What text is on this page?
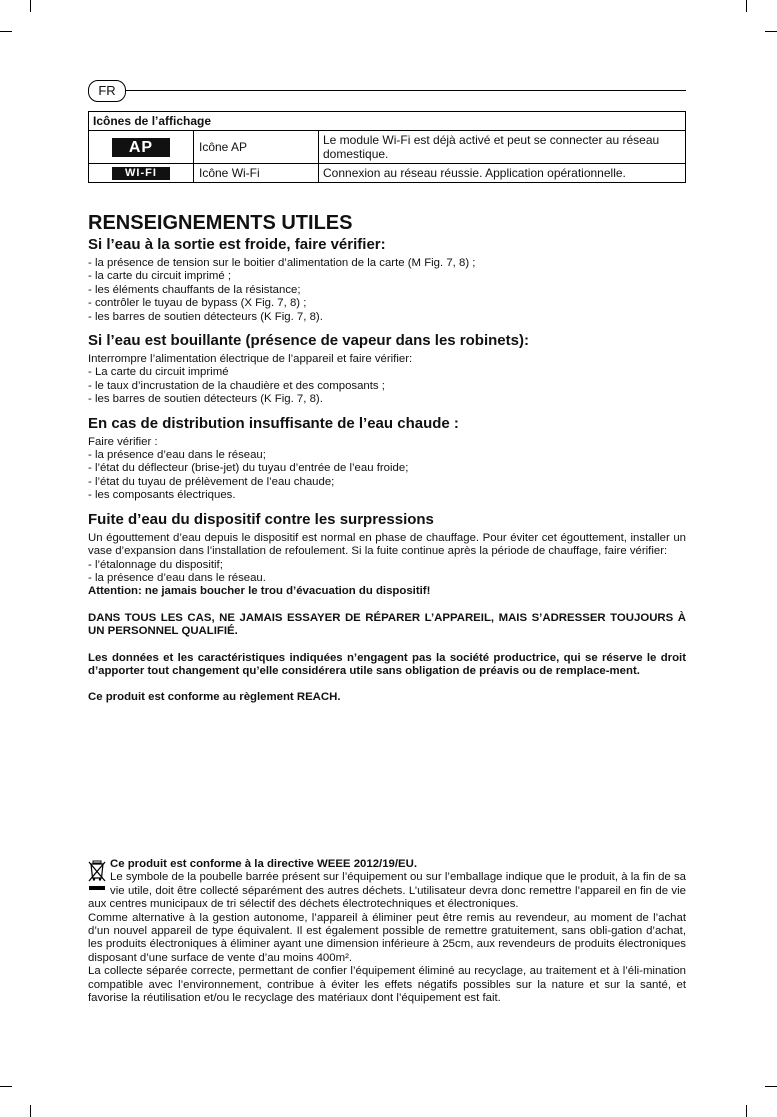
FR
Icônes de l’affichage		
AP	Icône AP	Le module Wi-Fi est déjà activé et peut se connecter au réseau domestique.
WI-FI	Icône Wi-Fi	Connexion au réseau réussie. Application opérationnelle.
RENSEIGNEMENTS UTILES
Si l’eau à la sortie est froide, faire vérifier:
- la présence de tension sur le boitier d’alimentation de la carte (M Fig. 7, 8) ;
- la carte du circuit imprimé ;
- les éléments chauffants de la résistance;
- contrôler le tuyau de bypass (X Fig. 7, 8) ;
- les barres de soutien détecteurs (K Fig. 7, 8).
Si l’eau est bouillante (présence de vapeur dans les robinets):

Interrompre l’alimentation électrique de l’appareil et faire vérifier:

- La carte du circuit imprimé
- le taux d’incrustation de la chaudière et des composants ;
- les barres de soutien détecteurs (K Fig. 7, 8).
En cas de distribution insuffisante de l’eau chaude :

Faire vérifier :

- la présence d’eau dans le réseau;
- l’état du déflecteur (brise-jet) du tuyau d’entrée de l’eau froide;
- l’état du tuyau de prélèvement de l’eau chaude;
- les composants électriques.
Fuite d’eau du dispositif contre les surpressions

Un égouttement d’eau depuis le dispositif est normal en phase de chauffage. Pour éviter cet égouttement, installer un vase d’expansion dans l’installation de refoulement. Si la fuite continue après la période de chauffage, faire vérifier:

- l’étalonnage du dispositif;
- la présence d’eau dans le réseau.

Attention: ne jamais boucher le trou d’évacuation du dispositif!

DANS TOUS LES CAS, NE JAMAIS ESSAYER DE RÉPARER L’APPAREIL, MAIS S’ADRESSER TOUJOURS À UN PERSONNEL QUALIFIÉ.

Les données et les caractéristiques indiquées n’engagent pas la société productrice, qui se réserve le droit d’apporter tout changement qu’elle considérera utile sans obligation de préavis ou de remplace-ment.

Ce produit est conforme au règlement REACH.

Ce produit est conforme à la directive WEEE 2012/19/EU.

Le symbole de la poubelle barrée présent sur l’équipement ou sur l’emballage indique que le produit, à la fin de sa vie utile, doit être collecté séparément des autres déchets. L’utilisateur devra donc remettre l’appareil en fin de vie aux centres municipaux de tri sélectif des déchets électrotechniques et électroniques.

Comme alternative à la gestion autonome, l’appareil à éliminer peut être remis au revendeur, au moment de l’achat d’un nouvel appareil de type équivalent. Il est également possible de remettre gratuitement, sans obli-gation d’achat, les produits électroniques à éliminer ayant une dimension inférieure à 25cm, aux revendeurs de produits électroniques disposant d’une surface de vente d’au moins 400m².

La collecte séparée correcte, permettant de confier l’équipement éliminé au recyclage, au traitement et à l’éli-mination compatible avec l’environnement, contribue à éviter les effets négatifs possibles sur la nature et sur la santé, et favorise la réutilisation et/ou le recyclage des matériaux dont l’équipement est fait.
